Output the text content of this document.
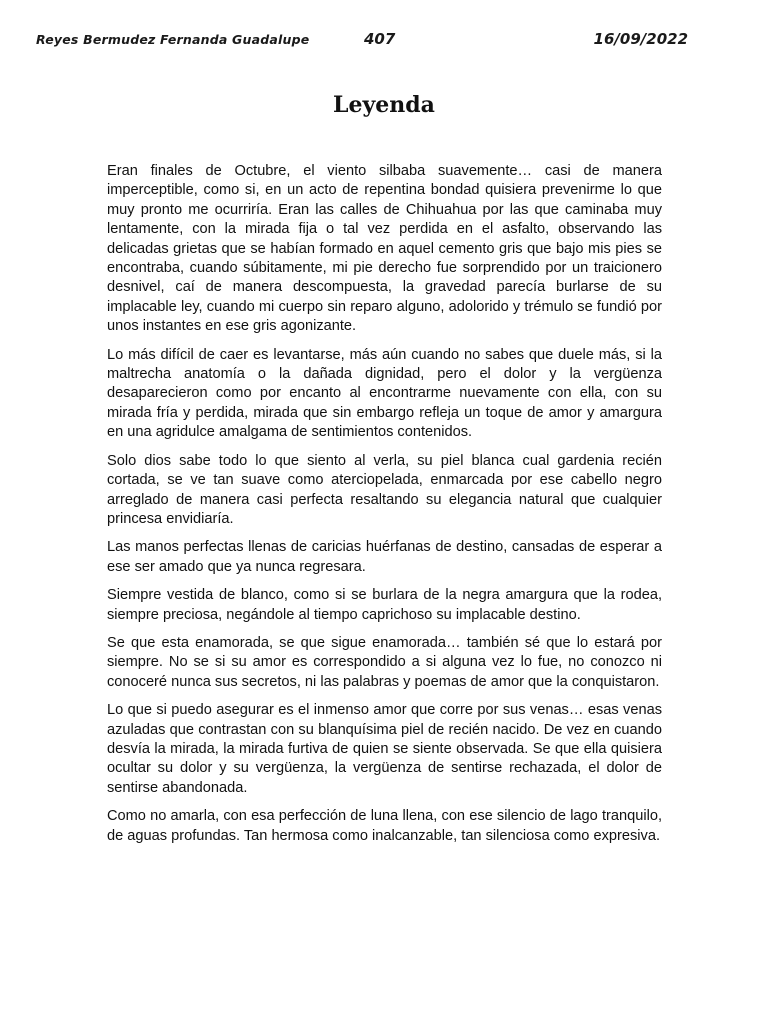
Reyes Bermudez Fernanda Guadalupe	407	16/09/2022
Leyenda

Eran finales de Octubre, el viento silbaba suavemente… casi de manera imperceptible, como si, en un acto de repentina bondad quisiera prevenirme lo que muy pronto me ocurriría. Eran las calles de Chihuahua por las que caminaba muy lentamente, con la mirada fija o tal vez perdida en el asfalto, observando las delicadas grietas que se habían formado en aquel cemento gris que bajo mis pies se encontraba, cuando súbitamente, mi pie derecho fue sorprendido por un traicionero desnivel, caí de manera descompuesta, la gravedad parecía burlarse de su implacable ley, cuando mi cuerpo sin reparo alguno, adolorido y trémulo se fundió por unos instantes en ese gris agonizante.

Lo más difícil de caer es levantarse, más aún cuando no sabes que duele más, si la maltrecha anatomía o la dañada dignidad, pero el dolor y la vergüenza desaparecieron como por encanto al encontrarme nuevamente con ella, con su mirada fría y perdida, mirada que sin embargo refleja un toque de amor y amargura en una agridulce amalgama de sentimientos contenidos.

Solo dios sabe todo lo que siento al verla, su piel blanca cual gardenia recién cortada, se ve tan suave como aterciopelada, enmarcada por ese cabello negro arreglado de manera casi perfecta resaltando su elegancia natural que cualquier princesa envidiaría.

Las manos perfectas llenas de caricias huérfanas de destino, cansadas de esperar a ese ser amado que ya nunca regresara.

Siempre vestida de blanco, como si se burlara de la negra amargura que la rodea, siempre preciosa, negándole al tiempo caprichoso su implacable destino.

Se que esta enamorada, se que sigue enamorada… también sé que lo estará por siempre. No se si su amor es correspondido a si alguna vez lo fue, no conozco ni conoceré nunca sus secretos, ni las palabras y poemas de amor que la conquistaron.

Lo que si puedo asegurar es el inmenso amor que corre por sus venas… esas venas azuladas que contrastan con su blanquísima piel de recién nacido. De vez en cuando desvía la mirada, la mirada furtiva de quien se siente observada. Se que ella quisiera ocultar su dolor y su vergüenza, la vergüenza de sentirse rechazada, el dolor de sentirse abandonada.

Como no amarla, con esa perfección de luna llena, con ese silencio de lago tranquilo, de aguas profundas. Tan hermosa como inalcanzable, tan silenciosa como expresiva.
